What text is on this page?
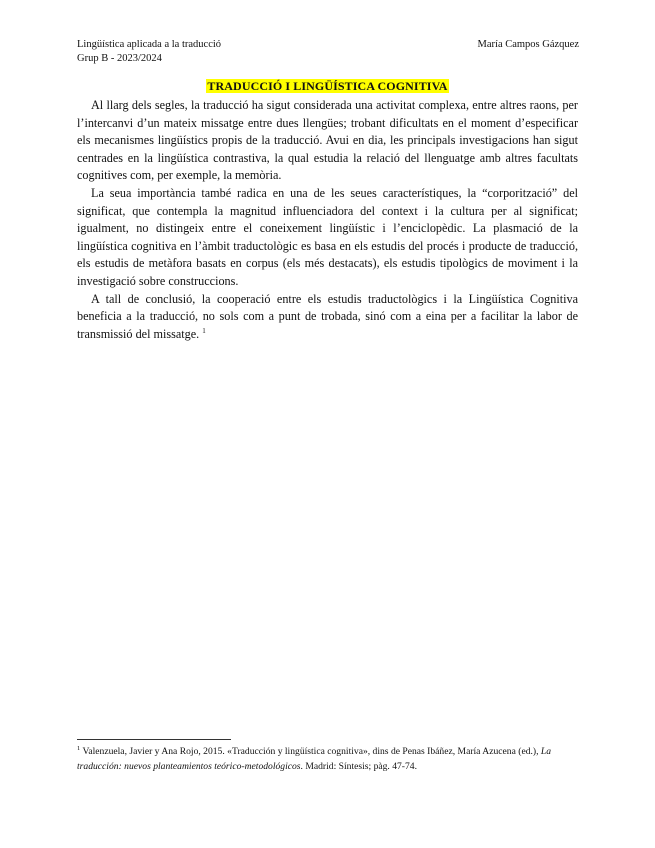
Lingüística aplicada a la traducció
Grup B - 2023/2024
María Campos Gázquez
TRADUCCIÓ I LINGÜÍSTICA COGNITIVA

Al llarg dels segles, la traducció ha sigut considerada una activitat complexa, entre altres raons, per l’intercanvi d’un mateix missatge entre dues llengües; trobant dificultats en el moment d’especificar els mecanismes lingüístics propis de la traducció. Avui en dia, les principals investigacions han sigut centrades en la lingüística contrastiva, la qual estudia la relació del llenguatge amb altres facultats cognitives com, per exemple, la memòria.

La seua importància també radica en una de les seues característiques, la “corporització” del significat, que contempla la magnitud influenciadora del context i la cultura per al significat; igualment, no distingeix entre el coneixement lingüístic i l’enciclopèdic. La plasmació de la lingüística cognitiva en l’àmbit traductològic es basa en els estudis del procés i producte de traducció, els estudis de metàfora basats en corpus (els més destacats), els estudis tipològics de moviment i la investigació sobre construccions.

A tall de conclusió, la cooperació entre els estudis traductològics i la Lingüística Cognitiva beneficia a la traducció, no sols com a punt de trobada, sinó com a eina per a facilitar la labor de transmissió del missatge. $^1$

$^1$ Valenzuela, Javier y Ana Rojo, 2015. «Traducción y lingüística cognitiva», dins de Penas Ibáñez, María Azucena (ed.), La traducción: nuevos planteamientos teórico-metodológicos. Madrid: Síntesis; pàg. 47-74.
